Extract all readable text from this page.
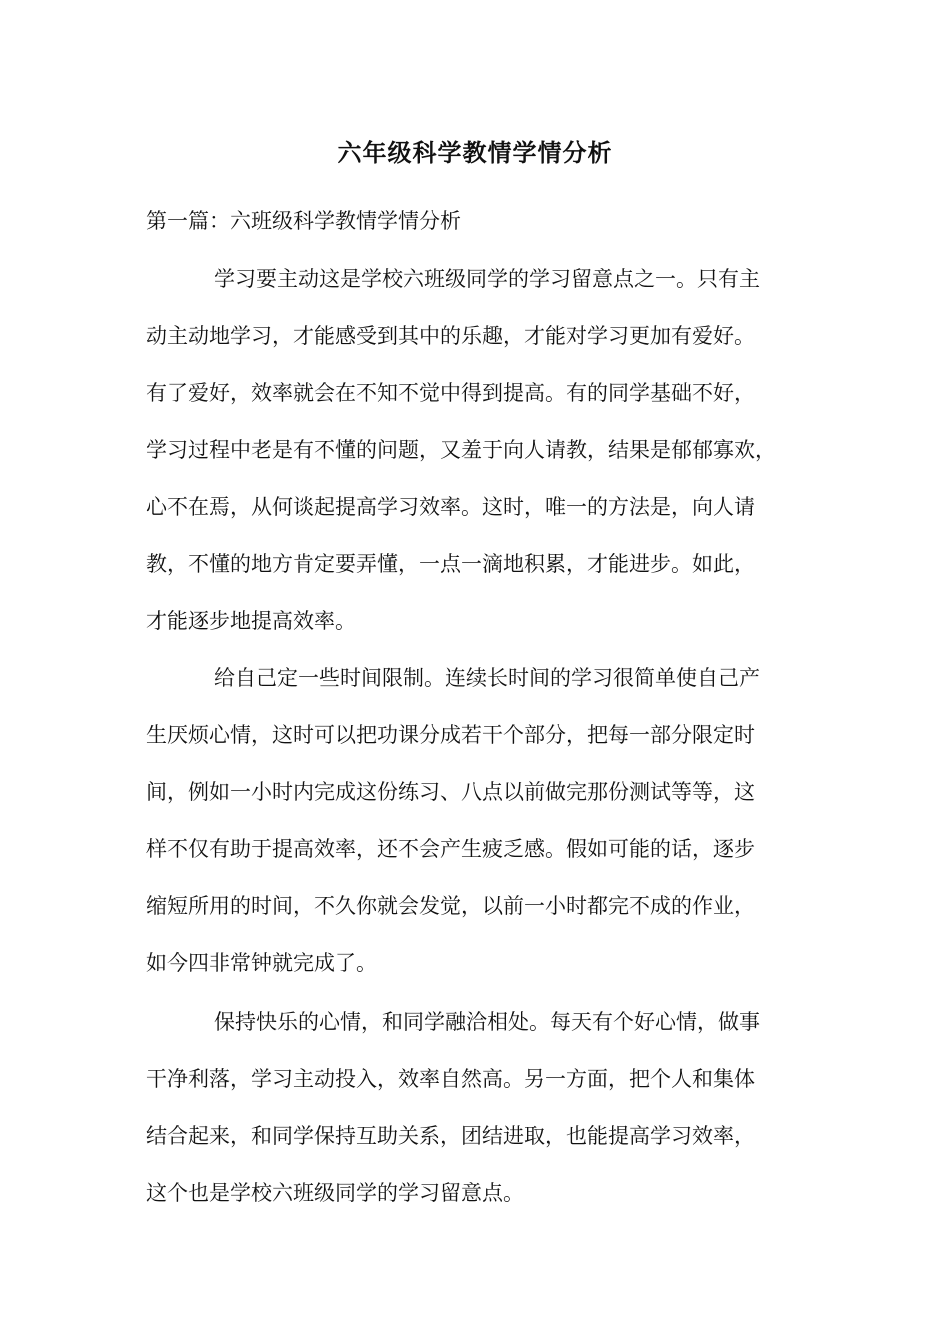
六年级科学教情学情分析

第一篇：六班级科学教情学情分析

学习要主动这是学校六班级同学的学习留意点之一。只有主

动主动地学习，才能感受到其中的乐趣，才能对学习更加有爱好。

有了爱好，效率就会在不知不觉中得到提高。有的同学基础不好，

学习过程中老是有不懂的问题，又羞于向人请教，结果是郁郁寡欢，

心不在焉，从何谈起提高学习效率。这时，唯一的方法是，向人请

教，不懂的地方肯定要弄懂，一点一滴地积累，才能进步。如此，

才能逐步地提高效率。

给自己定一些时间限制。连续长时间的学习很简单使自己产

生厌烦心情，这时可以把功课分成若干个部分，把每一部分限定时

间，例如一小时内完成这份练习、八点以前做完那份测试等等，这

样不仅有助于提高效率，还不会产生疲乏感。假如可能的话，逐步

缩短所用的时间，不久你就会发觉，以前一小时都完不成的作业，

如今四非常钟就完成了。

保持快乐的心情，和同学融洽相处。每天有个好心情，做事

干净利落，学习主动投入，效率自然高。另一方面，把个人和集体

结合起来，和同学保持互助关系，团结进取，也能提高学习效率，

这个也是学校六班级同学的学习留意点。
